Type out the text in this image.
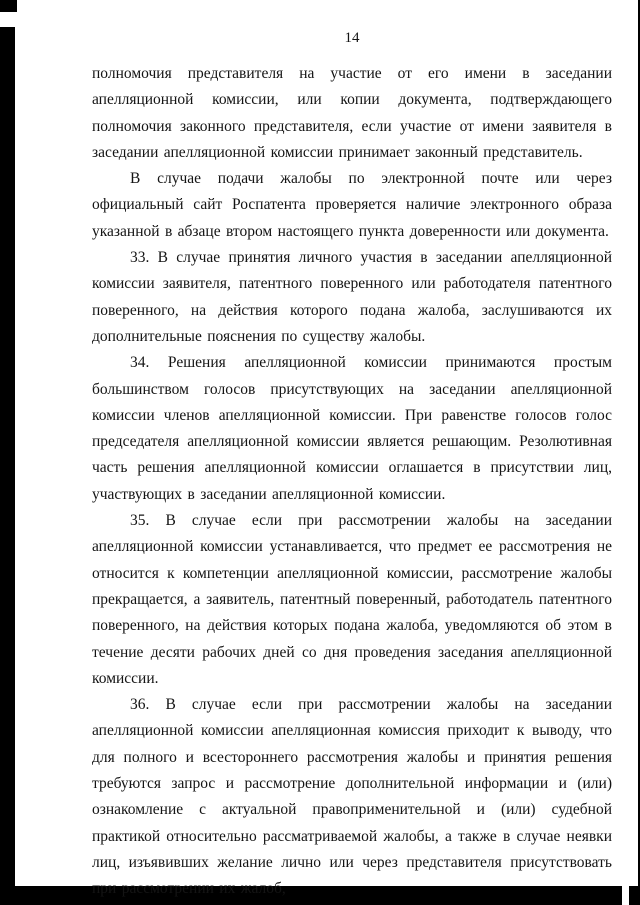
14

полномочия представителя на участие от его имени в заседании апелляционной комиссии, или копии документа, подтверждающего полномочия законного представителя, если участие от имени заявителя в заседании апелляционной комиссии принимает законный представитель.

В случае подачи жалобы по электронной почте или через официальный сайт Роспатента проверяется наличие электронного образа указанной в абзаце втором настоящего пункта доверенности или документа.

33. В случае принятия личного участия в заседании апелляционной комиссии заявителя, патентного поверенного или работодателя патентного поверенного, на действия которого подана жалоба, заслушиваются их дополнительные пояснения по существу жалобы.

34. Решения апелляционной комиссии принимаются простым большинством голосов присутствующих на заседании апелляционной комиссии членов апелляционной комиссии. При равенстве голосов голос председателя апелляционной комиссии является решающим. Резолютивная часть решения апелляционной комиссии оглашается в присутствии лиц, участвующих в заседании апелляционной комиссии.

35. В случае если при рассмотрении жалобы на заседании апелляционной комиссии устанавливается, что предмет ее рассмотрения не относится к компетенции апелляционной комиссии, рассмотрение жалобы прекращается, а заявитель, патентный поверенный, работодатель патентного поверенного, на действия которых подана жалоба, уведомляются об этом в течение десяти рабочих дней со дня проведения заседания апелляционной комиссии.

36. В случае если при рассмотрении жалобы на заседании апелляционной комиссии апелляционная комиссия приходит к выводу, что для полного и всестороннего рассмотрения жалобы и принятия решения требуются запрос и рассмотрение дополнительной информации и (или) ознакомление с актуальной правоприменительной и (или) судебной практикой относительно рассматриваемой жалобы, а также в случае неявки лиц, изъявивших желание лично или через представителя присутствовать при рассмотрении их жалоб,
